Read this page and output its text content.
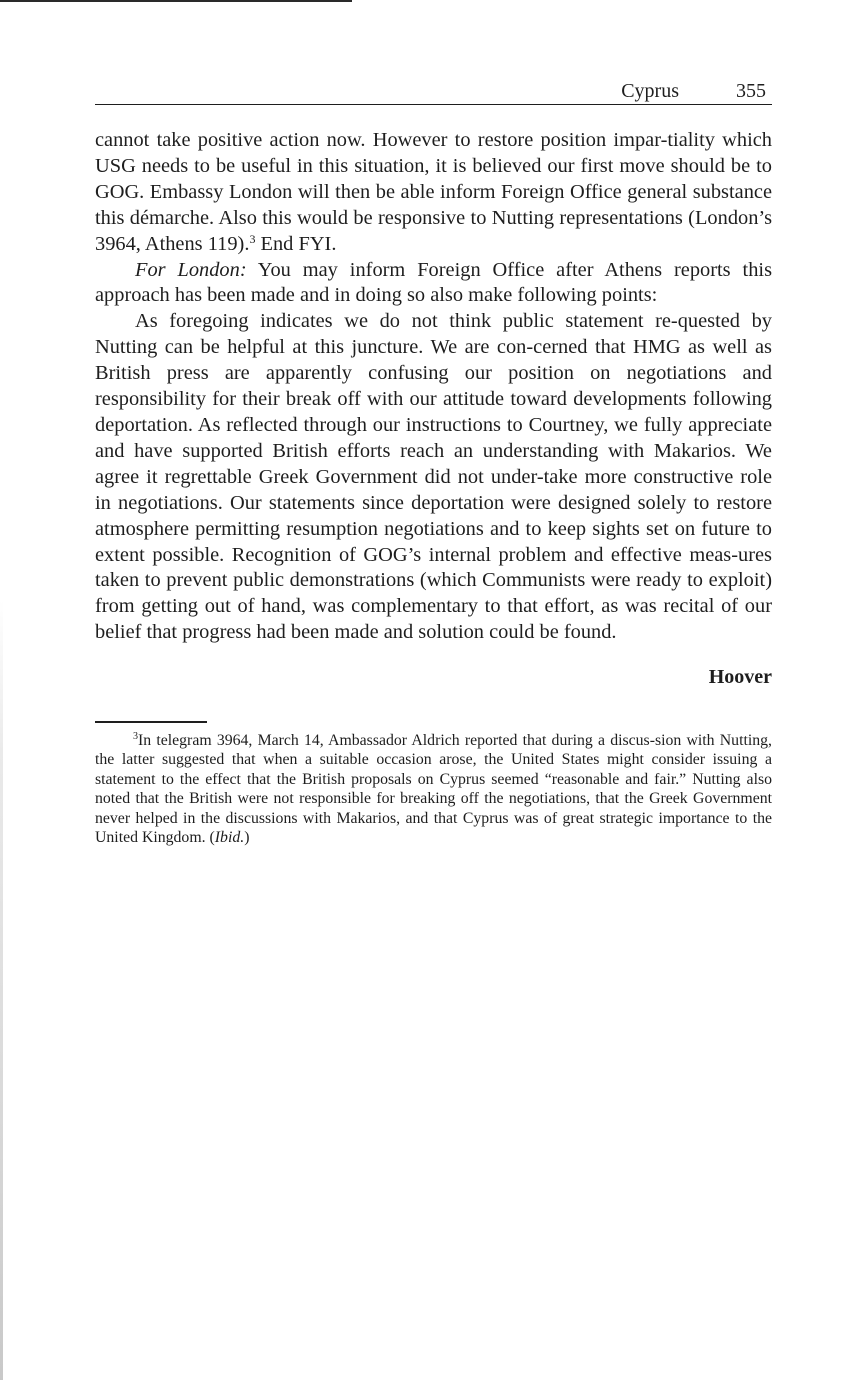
Cyprus	355

cannot take positive action now. However to restore position impar-tiality which USG needs to be useful in this situation, it is believed our first move should be to GOG. Embassy London will then be able inform Foreign Office general substance this démarche. Also this would be responsive to Nutting representations (London’s 3964, Athens 119).$^3$ End FYI.

For London: You may inform Foreign Office after Athens reports this approach has been made and in doing so also make following points:

As foregoing indicates we do not think public statement re-quested by Nutting can be helpful at this juncture. We are con-cerned that HMG as well as British press are apparently confusing our position on negotiations and responsibility for their break off with our attitude toward developments following deportation. As reflected through our instructions to Courtney, we fully appreciate and have supported British efforts reach an understanding with Makarios. We agree it regrettable Greek Government did not under-take more constructive role in negotiations. Our statements since deportation were designed solely to restore atmosphere permitting resumption negotiations and to keep sights set on future to extent possible. Recognition of GOG’s internal problem and effective meas-ures taken to prevent public demonstrations (which Communists were ready to exploit) from getting out of hand, was complementary to that effort, as was recital of our belief that progress had been made and solution could be found.

Hoover
$^3$In telegram 3964, March 14, Ambassador Aldrich reported that during a discus-sion with Nutting, the latter suggested that when a suitable occasion arose, the United States might consider issuing a statement to the effect that the British proposals on Cyprus seemed “reasonable and fair.” Nutting also noted that the British were not responsible for breaking off the negotiations, that the Greek Government never helped in the discussions with Makarios, and that Cyprus was of great strategic importance to the United Kingdom. (Ibid.)
